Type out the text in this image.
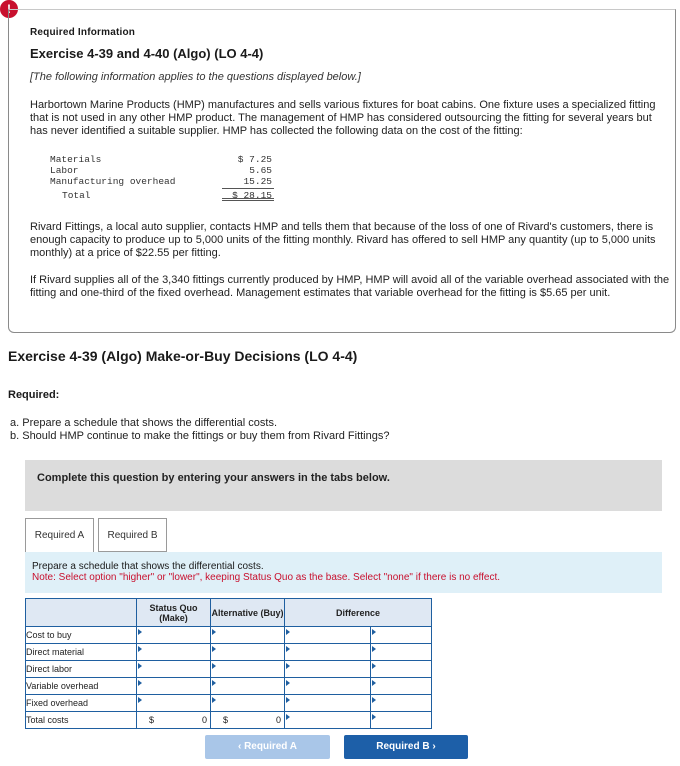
!
Required Information
Exercise 4-39 and 4-40 (Algo) (LO 4-4)
[The following information applies to the questions displayed below.]
Harbortown Marine Products (HMP) manufactures and sells various fixtures for boat cabins. One fixture uses a specialized fitting that is not used in any other HMP product. The management of HMP has considered outsourcing the fitting for several years but has never identified a suitable supplier. HMP has collected the following data on the cost of the fitting:
Materials	$ 7.25
Labor	5.65
Manufacturing overhead	15.25
Total	$ 28.15
Rivard Fittings, a local auto supplier, contacts HMP and tells them that because of the loss of one of Rivard's customers, there is enough capacity to produce up to 5,000 units of the fitting monthly. Rivard has offered to sell HMP any quantity (up to 5,000 units monthly) at a price of $22.55 per fitting.
If Rivard supplies all of the 3,340 fittings currently produced by HMP, HMP will avoid all of the variable overhead associated with the fitting and one-third of the fixed overhead. Management estimates that variable overhead for the fitting is $5.65 per unit.
Exercise 4-39 (Algo) Make-or-Buy Decisions (LO 4-4)
Required:
a. Prepare a schedule that shows the differential costs.
b. Should HMP continue to make the fittings or buy them from Rivard Fittings?
Complete this question by entering your answers in the tabs below.
Required A	Required B
Prepare a schedule that shows the differential costs.
Note: Select option "higher" or "lower", keeping Status Quo as the base. Select "none" if there is no effect.
	Status Quo (Make)	Alternative (Buy)	Difference	
Cost to buy	

Direct material	

Direct labor	

Variable overhead	

Fixed overhead	

Total costs	$ 0	$ 0		

‹ Required A	Required B ›
